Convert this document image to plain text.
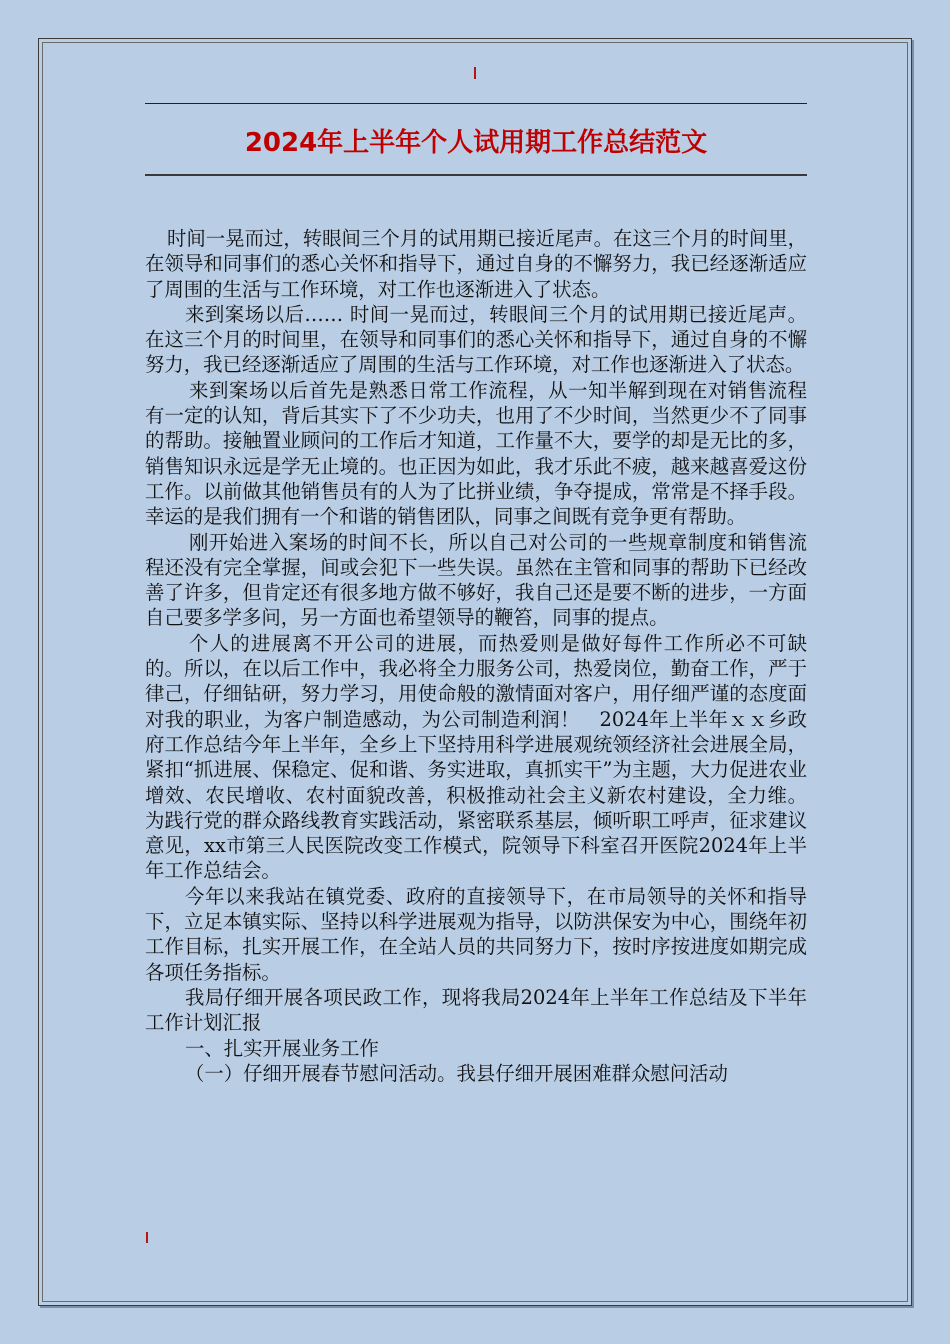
2024年上半年个人试用期工作总结范文

时间一晃而过，转眼间三个月的试用期已接近尾声。在这三个月的时间里，在领导和同事们的悉心关怀和指导下，通过自身的不懈努力，我已经逐渐适应了周围的生活与工作环境，对工作也逐渐进入了状态。

来到案场以后…… 时间一晃而过，转眼间三个月的试用期已接近尾声。在这三个月的时间里，在领导和同事们的悉心关怀和指导下，通过自身的不懈努力，我已经逐渐适应了周围的生活与工作环境，对工作也逐渐进入了状态。

来到案场以后首先是熟悉日常工作流程，从一知半解到现在对销售流程有一定的认知，背后其实下了不少功夫，也用了不少时间，当然更少不了同事的帮助。接触置业顾问的工作后才知道，工作量不大，要学的却是无比的多，销售知识永远是学无止境的。也正因为如此，我才乐此不疲，越来越喜爱这份工作。以前做其他销售员有的人为了比拼业绩，争夺提成，常常是不择手段。幸运的是我们拥有一个和谐的销售团队，同事之间既有竞争更有帮助。

刚开始进入案场的时间不长，所以自己对公司的一些规章制度和销售流程还没有完全掌握，间或会犯下一些失误。虽然在主管和同事的帮助下已经改善了许多，但肯定还有很多地方做不够好，我自己还是要不断的进步，一方面自己要多学多问，另一方面也希望领导的鞭笞，同事的提点。

个人的进展离不开公司的进展，而热爱则是做好每件工作所必不可缺的。所以，在以后工作中，我必将全力服务公司，热爱岗位，勤奋工作，严于律己，仔细钻研，努力学习，用使命般的激情面对客户，用仔细严谨的态度面对我的职业，为客户制造感动，为公司制造利润！　2024年上半年ｘｘ乡政府工作总结今年上半年，全乡上下坚持用科学进展观统领经济社会进展全局，紧扣“抓进展、保稳定、促和谐、务实进取，真抓实干”为主题，大力促进农业增效、农民增收、农村面貌改善，积极推动社会主义新农村建设，全力维。 为践行党的群众路线教育实践活动，紧密联系基层，倾听职工呼声，征求建议意见，xx市第三人民医院改变工作模式，院领导下科室召开医院2024年上半年工作总结会。

今年以来我站在镇党委、政府的直接领导下，在市局领导的关怀和指导下，立足本镇实际、坚持以科学进展观为指导，以防洪保安为中心，围绕年初工作目标，扎实开展工作，在全站人员的共同努力下，按时序按进度如期完成各项任务指标。

我局仔细开展各项民政工作，现将我局2024年上半年工作总结及下半年工作计划汇报

一、扎实开展业务工作

（一）仔细开展春节慰问活动。我县仔细开展困难群众慰问活动
